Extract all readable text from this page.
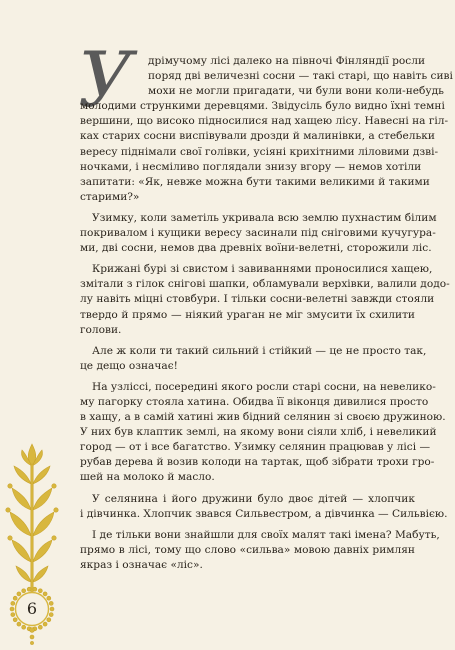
У	дрімучому лісі далеко на півночі Фінляндії росли
поряд дві величезні сосни — такі старі, що навіть сиві
мохи не могли пригадати, чи були вони коли-небудь
молодими стрункими деревцями. Звідусіль було видно їхні темні
вершини, що високо підносилися над хащею лісу. Навесні на гіл-
ках старих сосни виспівували дрозди й малинівки, а стебельки
вересу піднімали свої голівки, усіяні крихітними ліловими дзві-
ночками, і несміливо поглядали знизу вгору — немов хотіли
запитати: «Як, невже можна бути такими великими й такими
старими?»
Узимку, коли заметіль укривала всю землю пухнастим білим
покривалом і кущики вересу засинали під сніговими кучугура-
ми, дві сосни, немов два древніх воїни-велетні, сторожили ліс.
Крижані бурі зі свистом і завиваннями проносилися хащею,
змітали з гілок снігові шапки, обламували верхівки, валили додо-
лу навіть міцні стовбури. І тільки сосни-велетні завжди стояли
твердо й прямо — ніякий ураган не міг змусити їх схилити
голови.
Але ж коли ти такий сильний і стійкий — це не просто так,
це дещо означає!
На узліссі, посередині якого росли старі сосни, на невелико-
му пагорку стояла хатина. Обидва її віконця дивилися просто
в хащу, а в самій хатині жив бідний селянин зі своєю дружиною.
У них був клаптик землі, на якому вони сіяли хліб, і невеликий
город — от і все багатство. Узимку селянин працював у лісі —
рубав дерева й возив колоди на тартак, щоб зібрати трохи гро-
шей на молоко й масло.
У селянина і його дружини було двоє дітей — хлопчик
і дівчинка. Хлопчик звався Сильвестром, а дівчинка — Сильвією.
І де тільки вони знайшли для своїх малят такі імена? Мабуть,
прямо в лісі, тому що слово «сильва» мовою давніх римлян
якраз і означає «ліс».
6
